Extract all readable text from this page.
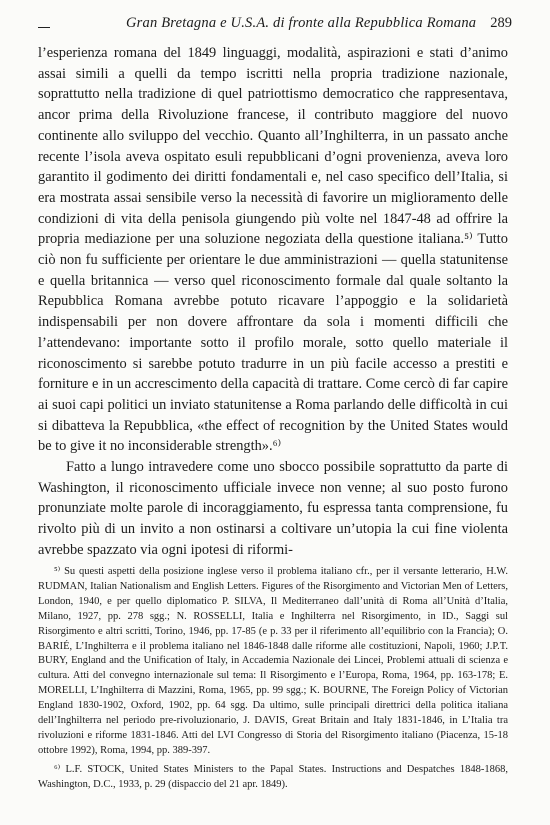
Gran Bretagna e U.S.A. di fronte alla Repubblica Romana 289

l’esperienza romana del 1849 linguaggi, modalità, aspirazioni e stati d’animo assai simili a quelli da tempo iscritti nella propria tradizione nazionale, soprattutto nella tradizione di quel patriottismo democratico che rappresentava, ancor prima della Rivoluzione francese, il contributo maggiore del nuovo continente allo sviluppo del vecchio. Quanto all’Inghilterra, in un passato anche recente l’isola aveva ospitato esuli repubblicani d’ogni provenienza, aveva loro garantito il godimento dei diritti fondamentali e, nel caso specifico dell’Italia, si era mostrata assai sensibile verso la necessità di favorire un miglioramento delle condizioni di vita della penisola giungendo più volte nel 1847-48 ad offrire la propria mediazione per una soluzione negoziata della questione italiana.⁵⁾ Tutto ciò non fu sufficiente per orientare le due amministrazioni — quella statunitense e quella britannica — verso quel riconoscimento formale dal quale soltanto la Repubblica Romana avrebbe potuto ricavare l’appoggio e la solidarietà indispensabili per non dovere affrontare da sola i momenti difficili che l’attendevano: importante sotto il profilo morale, sotto quello materiale il riconoscimento si sarebbe potuto tradurre in un più facile accesso a prestiti e forniture e in un accrescimento della capacità di trattare. Come cercò di far capire ai suoi capi politici un inviato statunitense a Roma parlando delle difficoltà in cui si dibatteva la Repubblica, «the effect of recognition by the United States would be to give it no inconsiderable strength».⁶⁾

Fatto a lungo intravedere come uno sbocco possibile soprattutto da parte di Washington, il riconoscimento ufficiale invece non venne; al suo posto furono pronunziate molte parole di incoraggiamento, fu espressa tanta comprensione, fu rivolto più di un invito a non ostinarsi a coltivare un’utopia la cui fine violenta avrebbe spazzato via ogni ipotesi di riformi-

⁵⁾ Su questi aspetti della posizione inglese verso il problema italiano cfr., per il versante letterario, H.W. RUDMAN, Italian Nationalism and English Letters. Figures of the Risorgimento and Victorian Men of Letters, London, 1940, e per quello diplomatico P. SILVA, Il Mediterraneo dall’unità di Roma all’Unità d’Italia, Milano, 1927, pp. 278 sgg.; N. ROSSELLI, Italia e Inghilterra nel Risorgimento, in ID., Saggi sul Risorgimento e altri scritti, Torino, 1946, pp. 17-85 (e p. 33 per il riferimento all’equilibrio con la Francia); O. BARIÉ, L’Inghilterra e il problema italiano nel 1846-1848 dalle riforme alle costituzioni, Napoli, 1960; J.P.T. BURY, England and the Unification of Italy, in Accademia Nazionale dei Lincei, Problemi attuali di scienza e cultura. Atti del convegno internazionale sul tema: Il Risorgimento e l’Europa, Roma, 1964, pp. 163-178; E. MORELLI, L’Inghilterra di Mazzini, Roma, 1965, pp. 99 sgg.; K. BOURNE, The Foreign Policy of Victorian England 1830-1902, Oxford, 1902, pp. 64 sgg. Da ultimo, sulle principali direttrici della politica italiana dell’Inghilterra nel periodo pre-rivoluzionario, J. DAVIS, Great Britain and Italy 1831-1846, in L’Italia tra rivoluzioni e riforme 1831-1846. Atti del LVI Congresso di Storia del Risorgimento italiano (Piacenza, 15-18 ottobre 1992), Roma, 1994, pp. 389-397.

⁶⁾ L.F. STOCK, United States Ministers to the Papal States. Instructions and Despatches 1848-1868, Washington, D.C., 1933, p. 29 (dispaccio del 21 apr. 1849).
